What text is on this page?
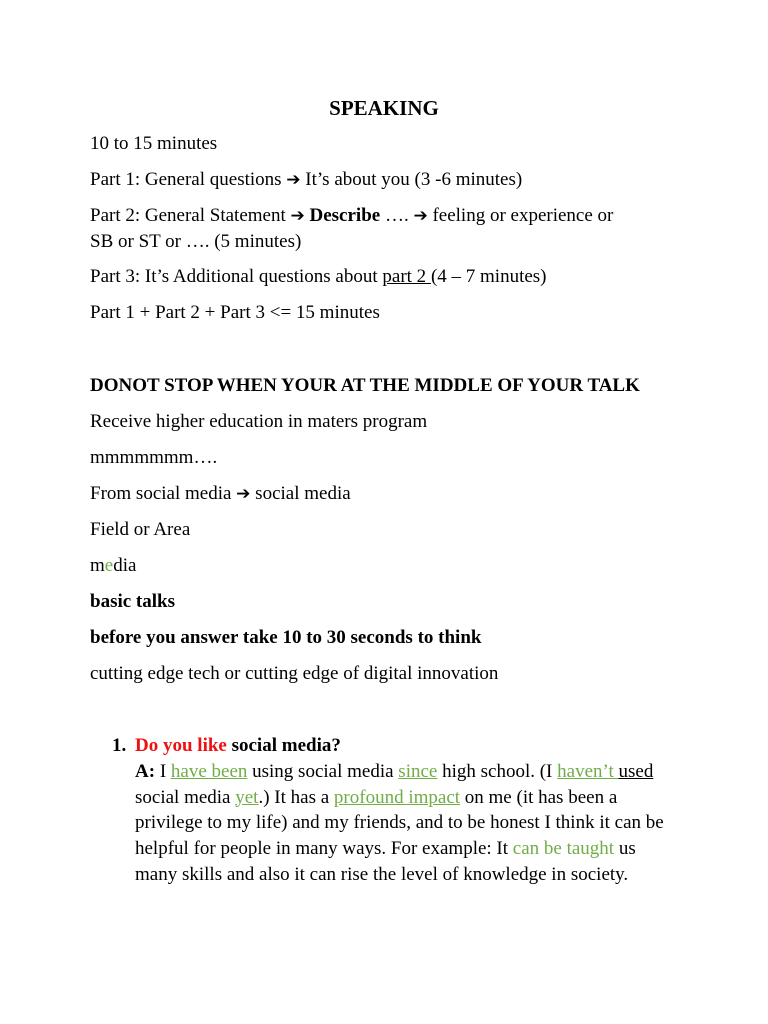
SPEAKING
10 to 15 minutes
Part 1: General questions ➔ It’s about you (3 -6 minutes)
Part 2: General Statement ➔ Describe …. ➔ feeling or experience or
SB or ST or …. (5 minutes)
Part 3: It’s Additional questions about part 2 (4 – 7 minutes)
Part 1 + Part 2 + Part 3 <= 15 minutes
DONOT STOP WHEN YOUR AT THE MIDDLE OF YOUR TALK
Receive higher education in maters program
mmmmmmm….
From social media ➔ social media
Field or Area
media
basic talks
before you answer take 10 to 30 seconds to think
cutting edge tech or cutting edge of digital innovation
1. Do you like social media?
A: I have been using social media since high school. (I haven’t used social media yet.) It has a profound impact on me (it has been a privilege to my life) and my friends, and to be honest I think it can be helpful for people in many ways. For example: It can be taught us many skills and also it can rise the level of knowledge in society.
